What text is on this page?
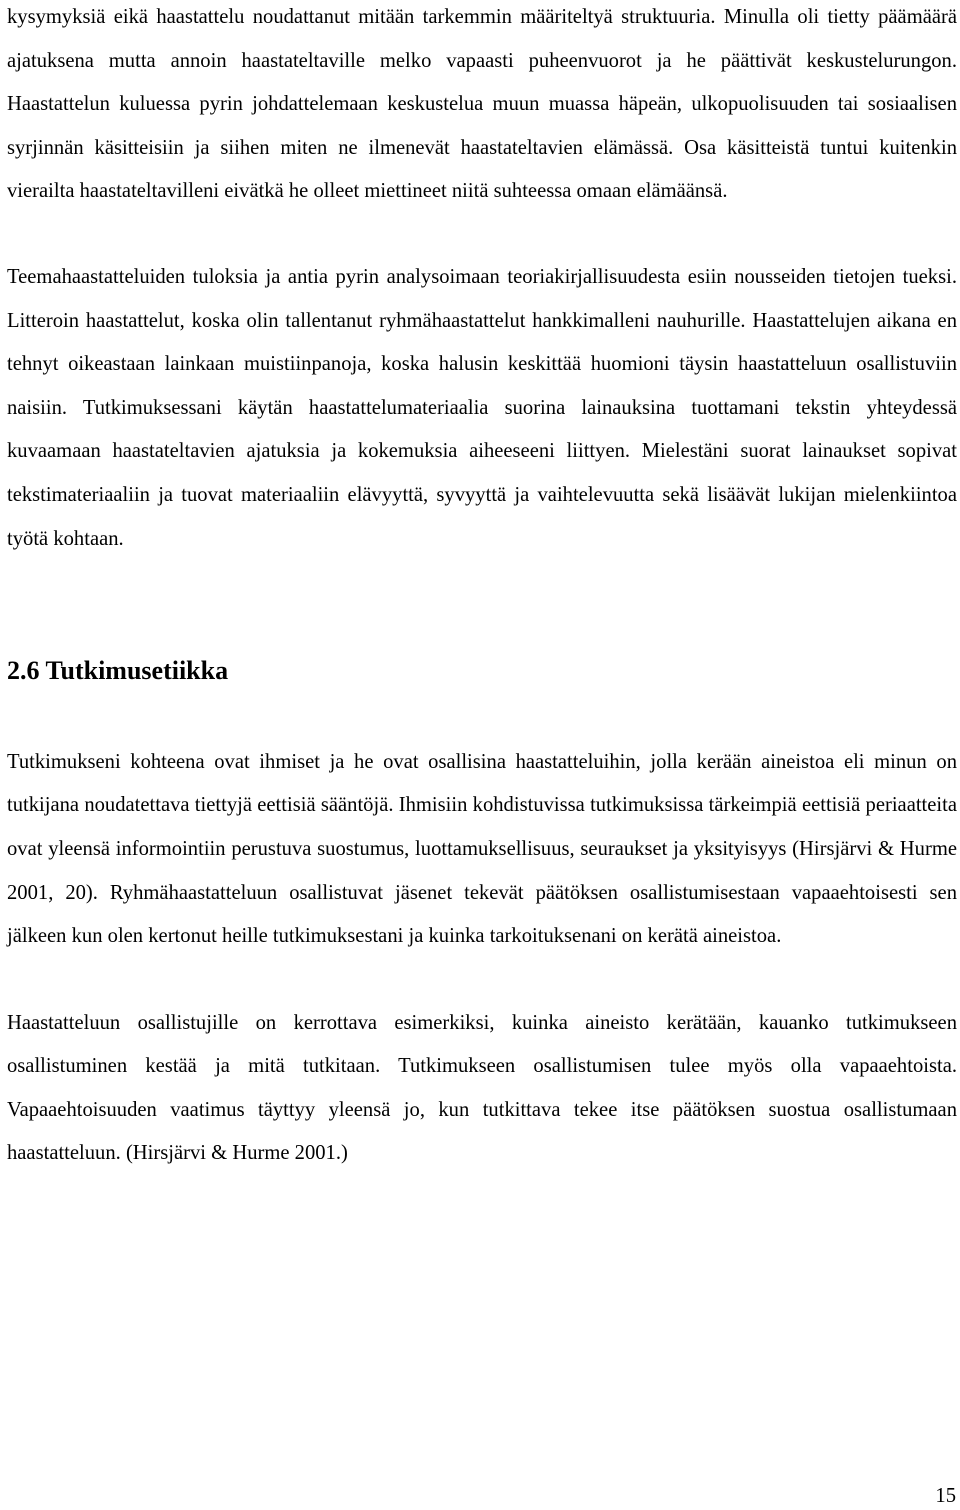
kysymyksiä eikä haastattelu noudattanut mitään tarkemmin määriteltyä struktuuria. Minulla oli tietty päämäärä ajatuksena mutta annoin haastateltaville melko vapaasti puheenvuorot ja he päättivät keskustelurungon. Haastattelun kuluessa pyrin johdattelemaan keskustelua muun muassa häpeän, ulkopuolisuuden tai sosiaalisen syrjinnän käsitteisiin ja siihen miten ne ilmenevät haastateltavien elämässä. Osa käsitteistä tuntui kuitenkin vierailta haastateltavilleni eivätkä he olleet miettineet niitä suhteessa omaan elämäänsä.

Teemahaastatteluiden tuloksia ja antia pyrin analysoimaan teoriakirjallisuudesta esiin nousseiden tietojen tueksi. Litteroin haastattelut, koska olin tallentanut ryhmähaastattelut hankkimalleni nauhurille. Haastattelujen aikana en tehnyt oikeastaan lainkaan muistiinpanoja, koska halusin keskittää huomioni täysin haastatteluun osallistuviin naisiin. Tutkimuksessani käytän haastattelumateriaalia suorina lainauksina tuottamani tekstin yhteydessä kuvaamaan haastateltavien ajatuksia ja kokemuksia aiheeseeni liittyen. Mielestäni suorat lainaukset sopivat tekstimateriaaliin ja tuovat materiaaliin elävyyttä, syvyyttä ja vaihtelevuutta sekä lisäävät lukijan mielenkiintoa työtä kohtaan.

2.6 Tutkimusetiikka

Tutkimukseni kohteena ovat ihmiset ja he ovat osallisina haastatteluihin, jolla kerään aineistoa eli minun on tutkijana noudatettava tiettyjä eettisiä sääntöjä. Ihmisiin kohdistuvissa tutkimuksissa tärkeimpiä eettisiä periaatteita ovat yleensä informointiin perustuva suostumus, luottamuksellisuus, seuraukset ja yksityisyys (Hirsjärvi & Hurme 2001, 20). Ryhmähaastatteluun osallistuvat jäsenet tekevät päätöksen osallistumisestaan vapaaehtoisesti sen jälkeen kun olen kertonut heille tutkimuksestani ja kuinka tarkoituksenani on kerätä aineistoa.

Haastatteluun osallistujille on kerrottava esimerkiksi, kuinka aineisto kerätään, kauanko tutkimukseen osallistuminen kestää ja mitä tutkitaan. Tutkimukseen osallistumisen tulee myös olla vapaaehtoista. Vapaaehtoisuuden vaatimus täyttyy yleensä jo, kun tutkittava tekee itse päätöksen suostua osallistumaan haastatteluun. (Hirsjärvi & Hurme 2001.)

15
